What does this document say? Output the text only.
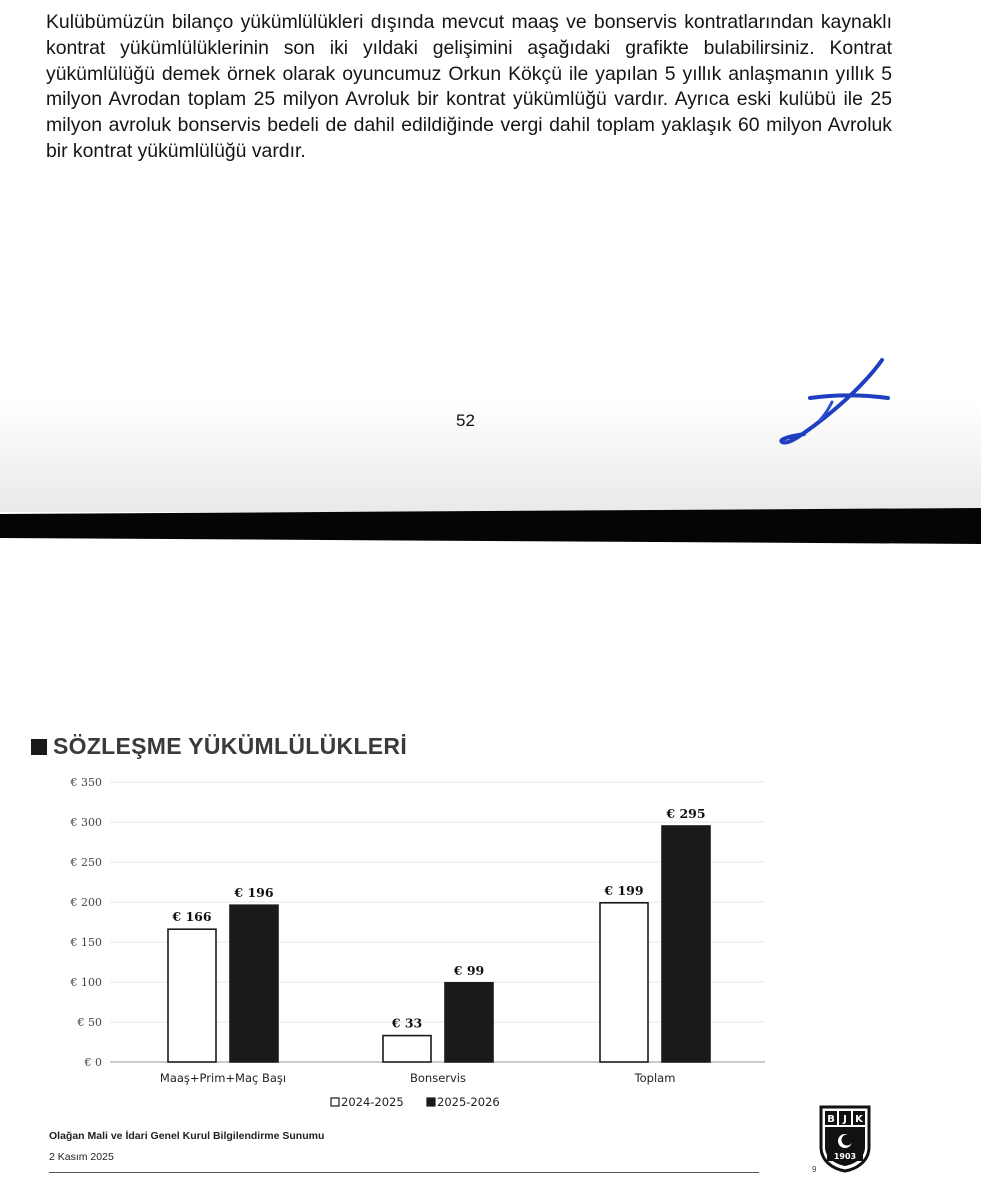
Kulübümüzün bilanço yükümlülükleri dışında mevcut maaş ve bonservis kontratlarından kaynaklı kontrat yükümlülüklerinin son iki yıldaki gelişimini aşağıdaki grafikte bulabilirsiniz. Kontrat yükümlülüğü demek örnek olarak oyuncumuz Orkun Kökçü ile yapılan 5 yıllık anlaşmanın yıllık 5 milyon Avrodan toplam 25 milyon Avroluk bir kontrat yükümlüğü vardır. Ayrıca eski kulübü ile 25 milyon avroluk bonservis bedeli de dahil edildiğinde vergi dahil toplam yaklaşık 60 milyon Avroluk bir kontrat yükümlülüğü vardır.

52
SÖZLEŞME YÜKÜMLÜLÜKLERİ
€ 0
€ 50
€ 100
€ 150
€ 200
€ 250
€ 300
€ 350
€ 166
€ 196
€ 33
€ 99
€ 199
€ 295
Maaş+Prim+Maç Başı	Bonservis	Toplam
2024-2025	2025-2026
Olağan Mali ve İdari Genel Kurul Bilgilendirme Sunumu
2 Kasım 2025
9
B J K
1903
